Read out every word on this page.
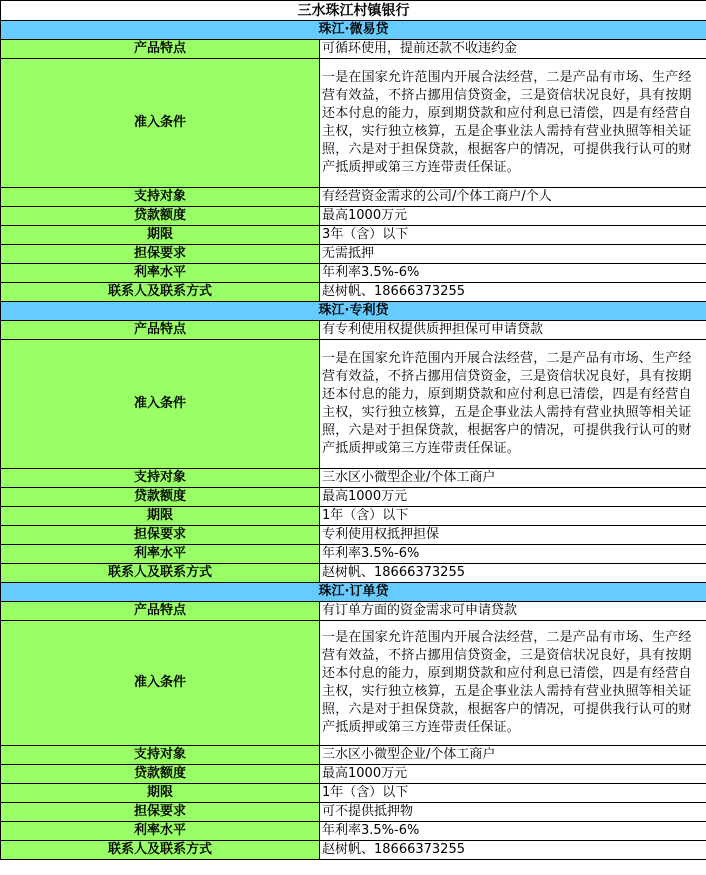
三水珠江村镇银行	
珠江·微易贷	
产品特点	可循环使用，提前还款不收违约金
准入条件	一是在国家允许范围内开展合法经营，二是产品有市场、生产经营有效益，不挤占挪用信贷资金，三是资信状况良好，具有按期还本付息的能力，原到期贷款和应付利息已清偿，四是有经营自主权，实行独立核算，五是企事业法人需持有营业执照等相关证照，六是对于担保贷款，根据客户的情况，可提供我行认可的财产抵质押或第三方连带责任保证。
支持对象	有经营资金需求的公司/个体工商户/个人
贷款额度	最高1000万元
期限	3年（含）以下
担保要求	无需抵押
利率水平	年利率3.5%-6%
联系人及联系方式	赵树帆、18666373255
珠江·专利贷	
产品特点	有专利使用权提供质押担保可申请贷款
准入条件	一是在国家允许范围内开展合法经营，二是产品有市场、生产经营有效益，不挤占挪用信贷资金，三是资信状况良好，具有按期还本付息的能力，原到期贷款和应付利息已清偿，四是有经营自主权，实行独立核算，五是企事业法人需持有营业执照等相关证照，六是对于担保贷款，根据客户的情况，可提供我行认可的财产抵质押或第三方连带责任保证。
支持对象	三水区小微型企业/个体工商户
贷款额度	最高1000万元
期限	1年（含）以下
担保要求	专利使用权抵押担保
利率水平	年利率3.5%-6%
联系人及联系方式	赵树帆、18666373255
珠江·订单贷	
产品特点	有订单方面的资金需求可申请贷款
准入条件	一是在国家允许范围内开展合法经营，二是产品有市场、生产经营有效益，不挤占挪用信贷资金，三是资信状况良好，具有按期还本付息的能力，原到期贷款和应付利息已清偿，四是有经营自主权，实行独立核算，五是企事业法人需持有营业执照等相关证照，六是对于担保贷款，根据客户的情况，可提供我行认可的财产抵质押或第三方连带责任保证。
支持对象	三水区小微型企业/个体工商户
贷款额度	最高1000万元
期限	1年（含）以下
担保要求	可不提供抵押物
利率水平	年利率3.5%-6%
联系人及联系方式	赵树帆、18666373255
